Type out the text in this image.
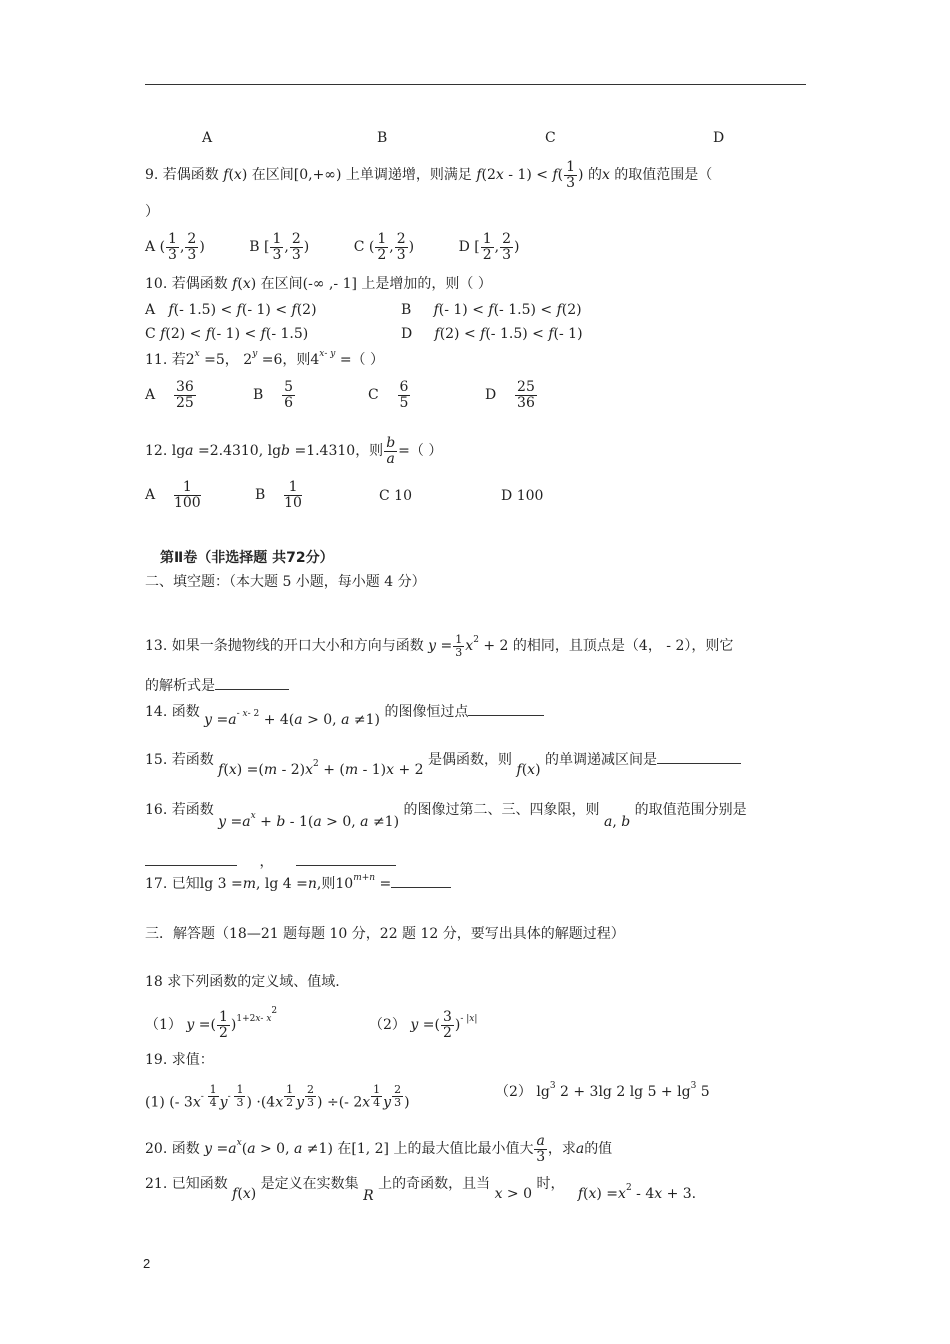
A	B	C	D
9. 若偶函数 f(x) 在区间[0,+∞) 上单调递增，则满足 $f(2x - 1) < f( \frac{1}{3}$ ) 的x 的取值范围是（
）
A ( $\frac{1}{3}$ , $\frac{2}{3}$ )	B [ $\frac{1}{3}$ , $\frac{2}{3}$ )	C ( $\frac{1}{2}$ , $\frac{2}{3}$ )	D [ $\frac{1}{2}$ , $\frac{2}{3}$ )
10. 若偶函数 f(x) 在区间(-∞ ,- 1] 上是增加的，则（ ）
A f(- 1.5) < f(- 1) < f(2)	B f(- 1) < f(- 1.5) < f(2)
C f(2) < f(- 1) < f(- 1.5)	D f(2) < f(- 1.5) < f(- 1)
11. 若$2^x =5$， $2^y =6$，则$4^{x- y}$ =（ ）
A $\frac{36}{25}$	B $\frac{5}{6}$	C $\frac{6}{5}$	D $\frac{25}{36}$
12. lga =2.4310, lgb =1.4310，则 $\frac{b}{a}$ =（ ）
A $\frac{1}{100}$	B $\frac{1}{10}$	C 10	D 100
第Ⅱ卷（非选择题 共72分）
二、填空题：（本大题 5 小题，每小题 4 分）
13. 如果一条抛物线的开口大小和方向与函数 $y = \frac{1}{3} x^2 + 2$ 的相同，且顶点是（4， - 2），则它
的解析式是
14. 函数 $y =a^{- x- 2} + 4(a > 0$, a ≠1) 的图像恒过点
15. 若函数 $f(x) =(m - 2)x^2 + (m - 1)x + 2$ 是偶函数，则 f(x) 的单调递减区间是
16. 若函数 $y =a^x + b - 1(a > 0$, a ≠1) 的图像过第二、三、四象限，则 a, b 的取值范围分别是
，
17. 已知lg 3 =m, lg 4 =n,则$10^{m+n}$ =
三．解答题（18—21 题每题 10 分，22 题 12 分，要写出具体的解题过程）
18 求下列函数的定义域、值域.
（1） y =( $\frac{1}{2} )^{1+2x- x^2}$
（2） y =( $\frac{3}{2} )^{- |x|}$
19. 求值：
(1) (- $3x^{- \frac{1}{4}}$ $y^{- \frac{1}{3}}$ ) ·(4x $^{\frac{1}{2}}$ y $^{\frac{2}{3}}$ ) ÷(- 2x $^{\frac{1}{4}}$ y $^{\frac{2}{3}}$ )
（2） $\lg^3 2 + 3\lg$ 2 $\lg 5 + \lg^3 5$
20. 函数 $y =a^x(a > 0$, a ≠1) 在[1, 2] 上的最大值比最小值大 $\frac{a}{3}$ ，求a的值
21. 已知函数 f(x) 是定义在实数集 R 上的奇函数，且当 x > 0 时，   $f(x) =x^2 - 4x + 3$.
2
